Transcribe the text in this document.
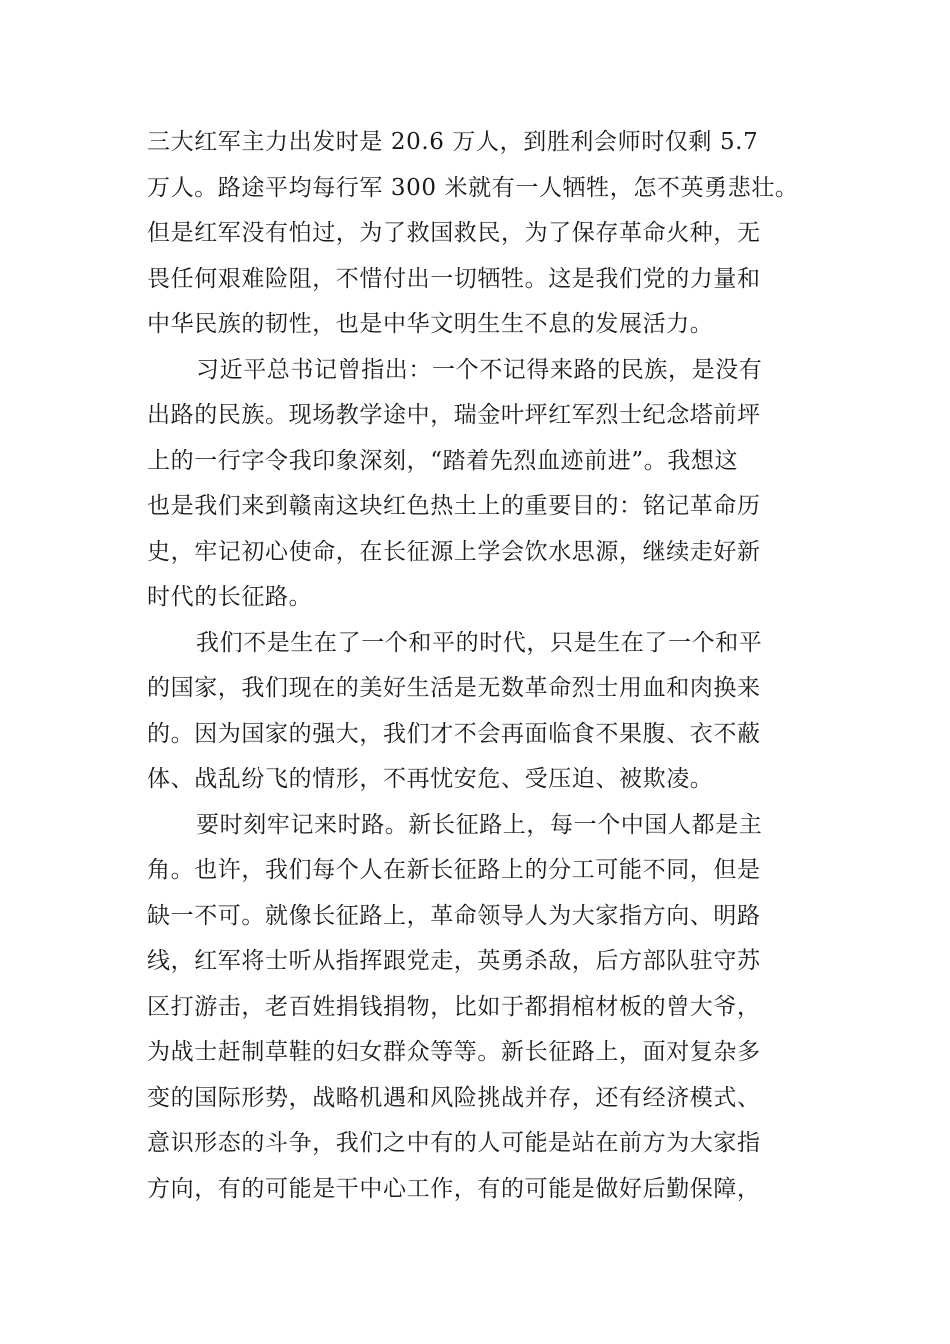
三大红军主力出发时是 20.6 万人，到胜利会师时仅剩 5.7
万人。路途平均每行军 300 米就有一人牺牲，怎不英勇悲壮。
但是红军没有怕过，为了救国救民，为了保存革命火种，无
畏任何艰难险阻，不惜付出一切牺牲。这是我们党的力量和
中华民族的韧性，也是中华文明生生不息的发展活力。
习近平总书记曾指出：一个不记得来路的民族，是没有
出路的民族。现场教学途中，瑞金叶坪红军烈士纪念塔前坪
上的一行字令我印象深刻，“踏着先烈血迹前进”。我想这
也是我们来到赣南这块红色热土上的重要目的：铭记革命历
史，牢记初心使命，在长征源上学会饮水思源，继续走好新
时代的长征路。
我们不是生在了一个和平的时代，只是生在了一个和平
的国家，我们现在的美好生活是无数革命烈士用血和肉换来
的。因为国家的强大，我们才不会再面临食不果腹、衣不蔽
体、战乱纷飞的情形，不再忧安危、受压迫、被欺凌。
要时刻牢记来时路。新长征路上，每一个中国人都是主
角。也许，我们每个人在新长征路上的分工可能不同，但是
缺一不可。就像长征路上，革命领导人为大家指方向、明路
线，红军将士听从指挥跟党走，英勇杀敌，后方部队驻守苏
区打游击，老百姓捐钱捐物，比如于都捐棺材板的曾大爷，
为战士赶制草鞋的妇女群众等等。新长征路上，面对复杂多
变的国际形势，战略机遇和风险挑战并存，还有经济模式、
意识形态的斗争，我们之中有的人可能是站在前方为大家指
方向，有的可能是干中心工作，有的可能是做好后勤保障，
